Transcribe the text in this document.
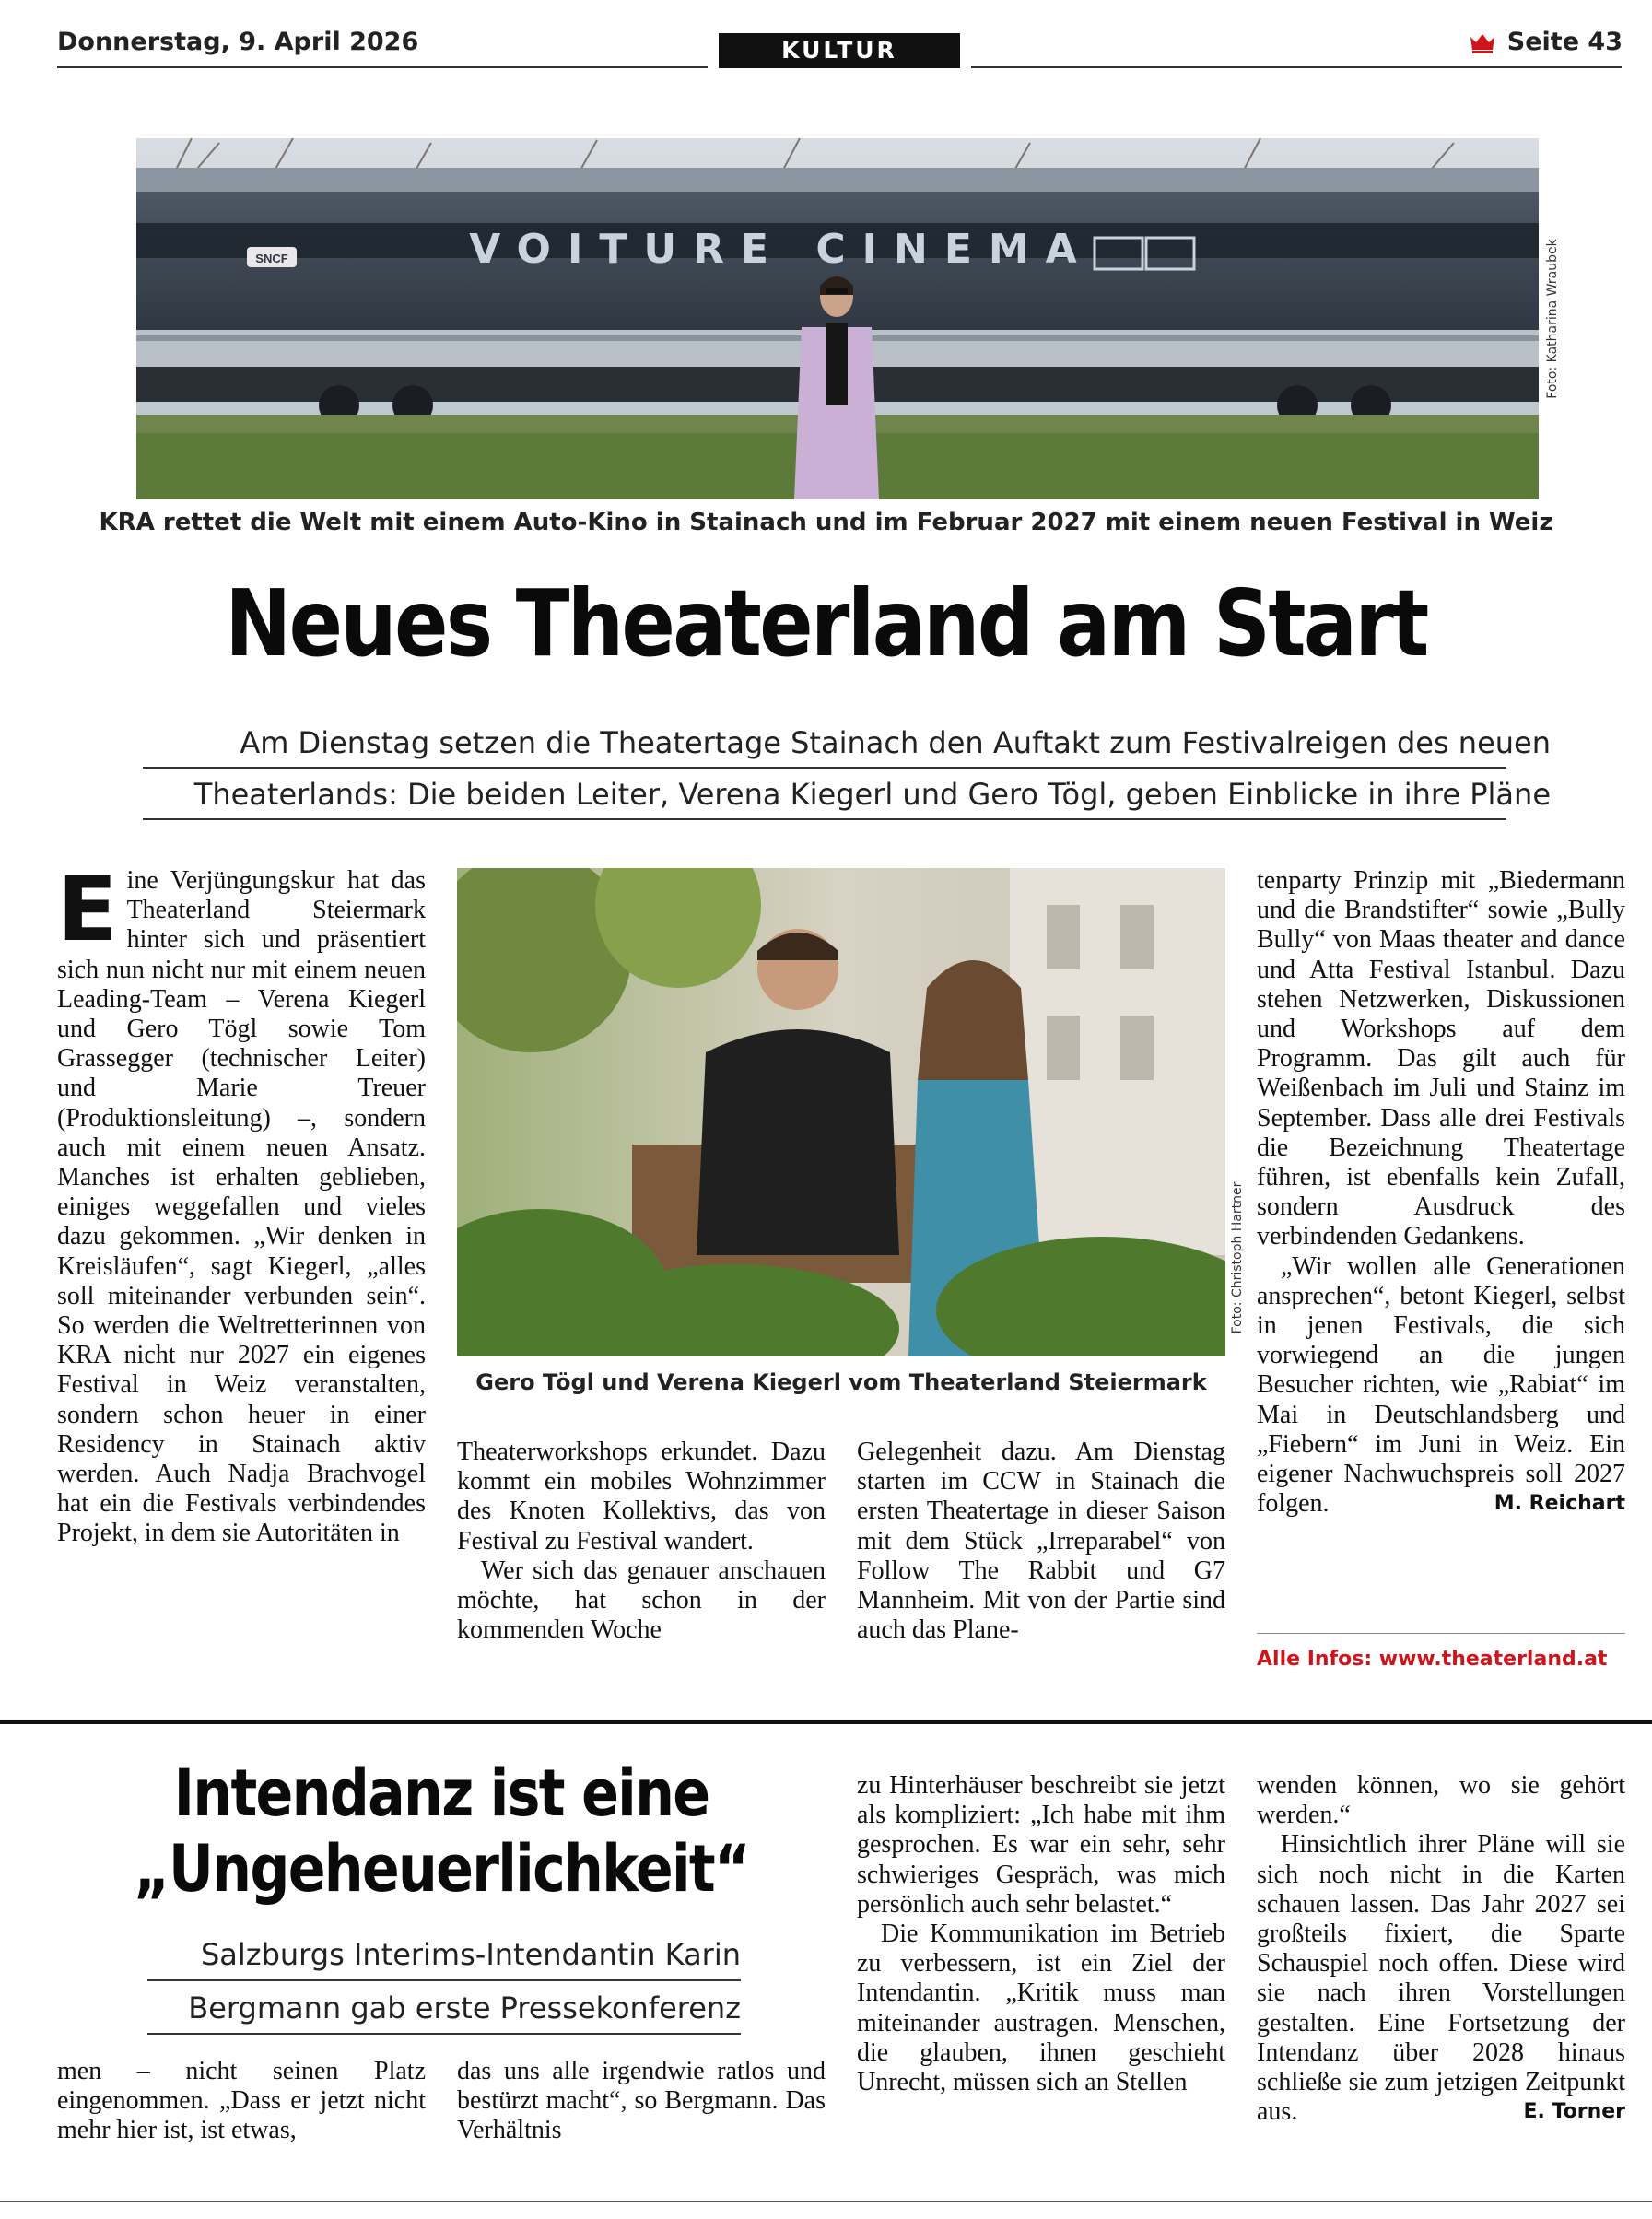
Donnerstag, 9. April 2026	KULTUR	Seite 43
SNCF	VOITURE CINEMA	Foto: Katharina Wraubek
KRA rettet die Welt mit einem Auto-Kino in Stainach und im Februar 2027 mit einem neuen Festival in Weiz
Neues Theaterland am Start
Am Dienstag setzen die Theatertage Stainach den Auftakt zum Festivalreigen des neuen
Theaterlands: Die beiden Leiter, Verena Kiegerl und Gero Tögl, geben Einblicke in ihre Pläne
E ine Verjüngungskur hat das Theaterland Steiermark hinter sich und präsentiert sich nun nicht nur mit einem neuen Leading-Team – Verena Kiegerl und Gero Tögl sowie Tom Grassegger (technischer Leiter) und Marie Treuer (Produktionsleitung) –, sondern auch mit einem neuen Ansatz. Manches ist erhalten geblieben, einiges weggefallen und vieles dazu gekommen. „Wir denken in Kreisläufen“, sagt Kiegerl, „alles soll miteinander verbunden sein“. So werden die Weltretterinnen von KRA nicht nur 2027 ein eigenes Festival in Weiz veranstalten, sondern schon heuer in einer Residency in Stainach aktiv werden. Auch Nadja Brachvogel hat ein die Festivals verbindendes Projekt, in dem sie Autoritäten in

Foto: Christoph Hartner
Gero Tögl und Verena Kiegerl vom Theaterland Steiermark

Theaterworkshops erkundet. Dazu kommt ein mobiles Wohnzimmer des Knoten Kollektivs, das von Festival zu Festival wandert.

Wer sich das genauer anschauen möchte, hat schon in der kommenden Woche

Gelegenheit dazu. Am Dienstag starten im CCW in Stainach die ersten Theatertage in dieser Saison mit dem Stück „Irreparabel“ von Follow The Rabbit und G7 Mannheim. Mit von der Partie sind auch das Plane-

tenparty Prinzip mit „Biedermann und die Brandstifter“ sowie „Bully Bully“ von Maas theater and dance und Atta Festival Istanbul. Dazu stehen Netzwerken, Diskussionen und Workshops auf dem Programm. Das gilt auch für Weißenbach im Juli und Stainz im September. Dass alle drei Festivals die Bezeichnung Theatertage führen, ist ebenfalls kein Zufall, sondern Ausdruck des verbindenden Gedankens.

„Wir wollen alle Generationen ansprechen“, betont Kiegerl, selbst in jenen Festivals, die sich vorwiegend an die jungen Besucher richten, wie „Rabiat“ im Mai in Deutschlandsberg und „Fiebern“ im Juni in Weiz. Ein eigener Nachwuchspreis soll 2027 folgen.	M. Reichart

Alle Infos: www.theaterland.at
Intendanz ist eine
„Ungeheuerlichkeit“
Salzburgs Interims-Intendantin Karin
Bergmann gab erste Pressekonferenz

men – nicht seinen Platz eingenommen. „Dass er jetzt nicht mehr hier ist, ist etwas,

das uns alle irgendwie ratlos und bestürzt macht“, so Bergmann. Das Verhältnis

zu Hinterhäuser beschreibt sie jetzt als kompliziert: „Ich habe mit ihm gesprochen. Es war ein sehr, sehr schwieriges Gespräch, was mich persönlich auch sehr belastet.“

Die Kommunikation im Betrieb zu verbessern, ist ein Ziel der Intendantin. „Kritik muss man miteinander austragen. Menschen, die glauben, ihnen geschieht Unrecht, müssen sich an Stellen

wenden können, wo sie gehört werden.“

Hinsichtlich ihrer Pläne will sie sich noch nicht in die Karten schauen lassen. Das Jahr 2027 sei großteils fixiert, die Sparte Schauspiel noch offen. Diese wird sie nach ihren Vorstellungen gestalten. Eine Fortsetzung der Intendanz über 2028 hinaus schließe sie zum jetzigen Zeitpunkt aus.	E. Torner
